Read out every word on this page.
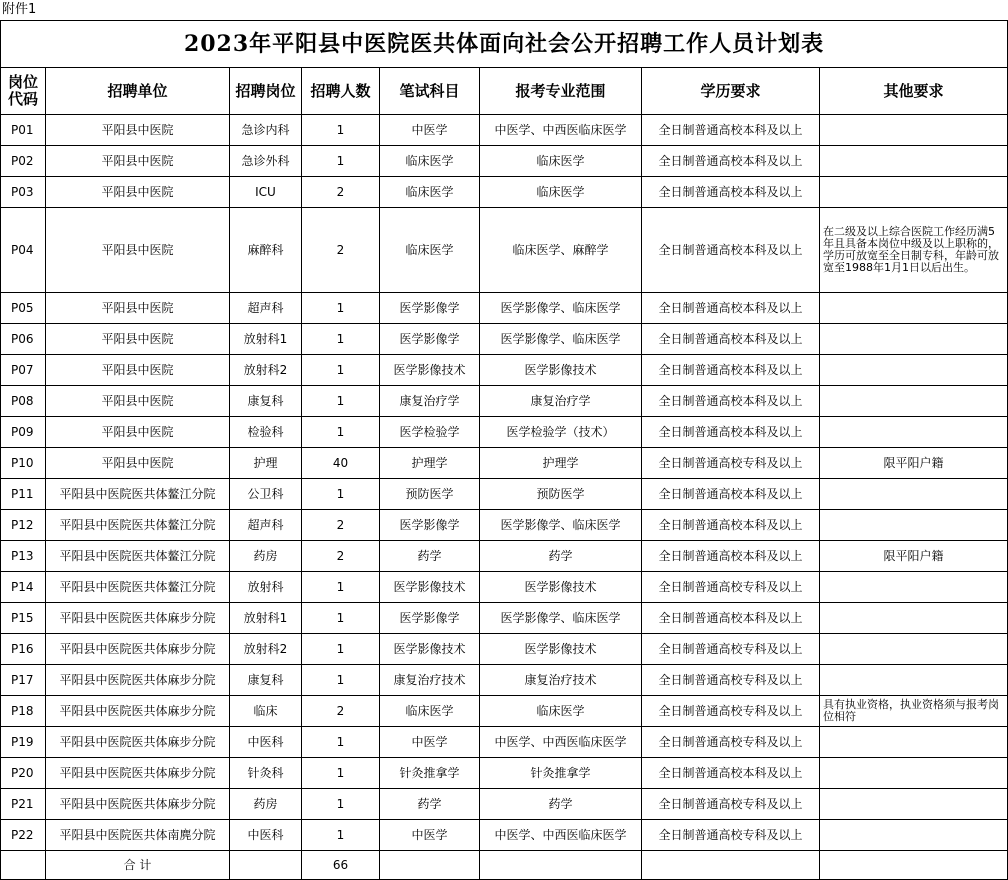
附件1
2023年平阳县中医院医共体面向社会公开招聘工作人员计划表							
岗位代码	招聘单位	招聘岗位	招聘人数	笔试科目	报考专业范围	学历要求	其他要求
P01	平阳县中医院	急诊内科	1	中医学	中医学、中西医临床医学	全日制普通高校本科及以上	
P02	平阳县中医院	急诊外科	1	临床医学	临床医学	全日制普通高校本科及以上	
P03	平阳县中医院	ICU	2	临床医学	临床医学	全日制普通高校本科及以上	
P04	平阳县中医院	麻醉科	2	临床医学	临床医学、麻醉学	全日制普通高校本科及以上	在二级及以上综合医院工作经历满5年且具备本岗位中级及以上职称的，学历可放宽至全日制专科，年龄可放宽至1988年1月1日以后出生。
P05	平阳县中医院	超声科	1	医学影像学	医学影像学、临床医学	全日制普通高校本科及以上	
P06	平阳县中医院	放射科1	1	医学影像学	医学影像学、临床医学	全日制普通高校本科及以上	
P07	平阳县中医院	放射科2	1	医学影像技术	医学影像技术	全日制普通高校本科及以上	
P08	平阳县中医院	康复科	1	康复治疗学	康复治疗学	全日制普通高校本科及以上	
P09	平阳县中医院	检验科	1	医学检验学	医学检验学（技术）	全日制普通高校本科及以上	
P10	平阳县中医院	护理	40	护理学	护理学	全日制普通高校专科及以上	限平阳户籍
P11	平阳县中医院医共体鳌江分院	公卫科	1	预防医学	预防医学	全日制普通高校本科及以上	
P12	平阳县中医院医共体鳌江分院	超声科	2	医学影像学	医学影像学、临床医学	全日制普通高校本科及以上	
P13	平阳县中医院医共体鳌江分院	药房	2	药学	药学	全日制普通高校本科及以上	限平阳户籍
P14	平阳县中医院医共体鳌江分院	放射科	1	医学影像技术	医学影像技术	全日制普通高校专科及以上	
P15	平阳县中医院医共体麻步分院	放射科1	1	医学影像学	医学影像学、临床医学	全日制普通高校本科及以上	
P16	平阳县中医院医共体麻步分院	放射科2	1	医学影像技术	医学影像技术	全日制普通高校专科及以上	
P17	平阳县中医院医共体麻步分院	康复科	1	康复治疗技术	康复治疗技术	全日制普通高校专科及以上	
P18	平阳县中医院医共体麻步分院	临床	2	临床医学	临床医学	全日制普通高校专科及以上	具有执业资格，执业资格须与报考岗位相符
P19	平阳县中医院医共体麻步分院	中医科	1	中医学	中医学、中西医临床医学	全日制普通高校专科及以上	
P20	平阳县中医院医共体麻步分院	针灸科	1	针灸推拿学	针灸推拿学	全日制普通高校本科及以上	
P21	平阳县中医院医共体麻步分院	药房	1	药学	药学	全日制普通高校专科及以上	
P22	平阳县中医院医共体南麂分院	中医科	1	中医学	中医学、中西医临床医学	全日制普通高校专科及以上	
	合 计		66				
